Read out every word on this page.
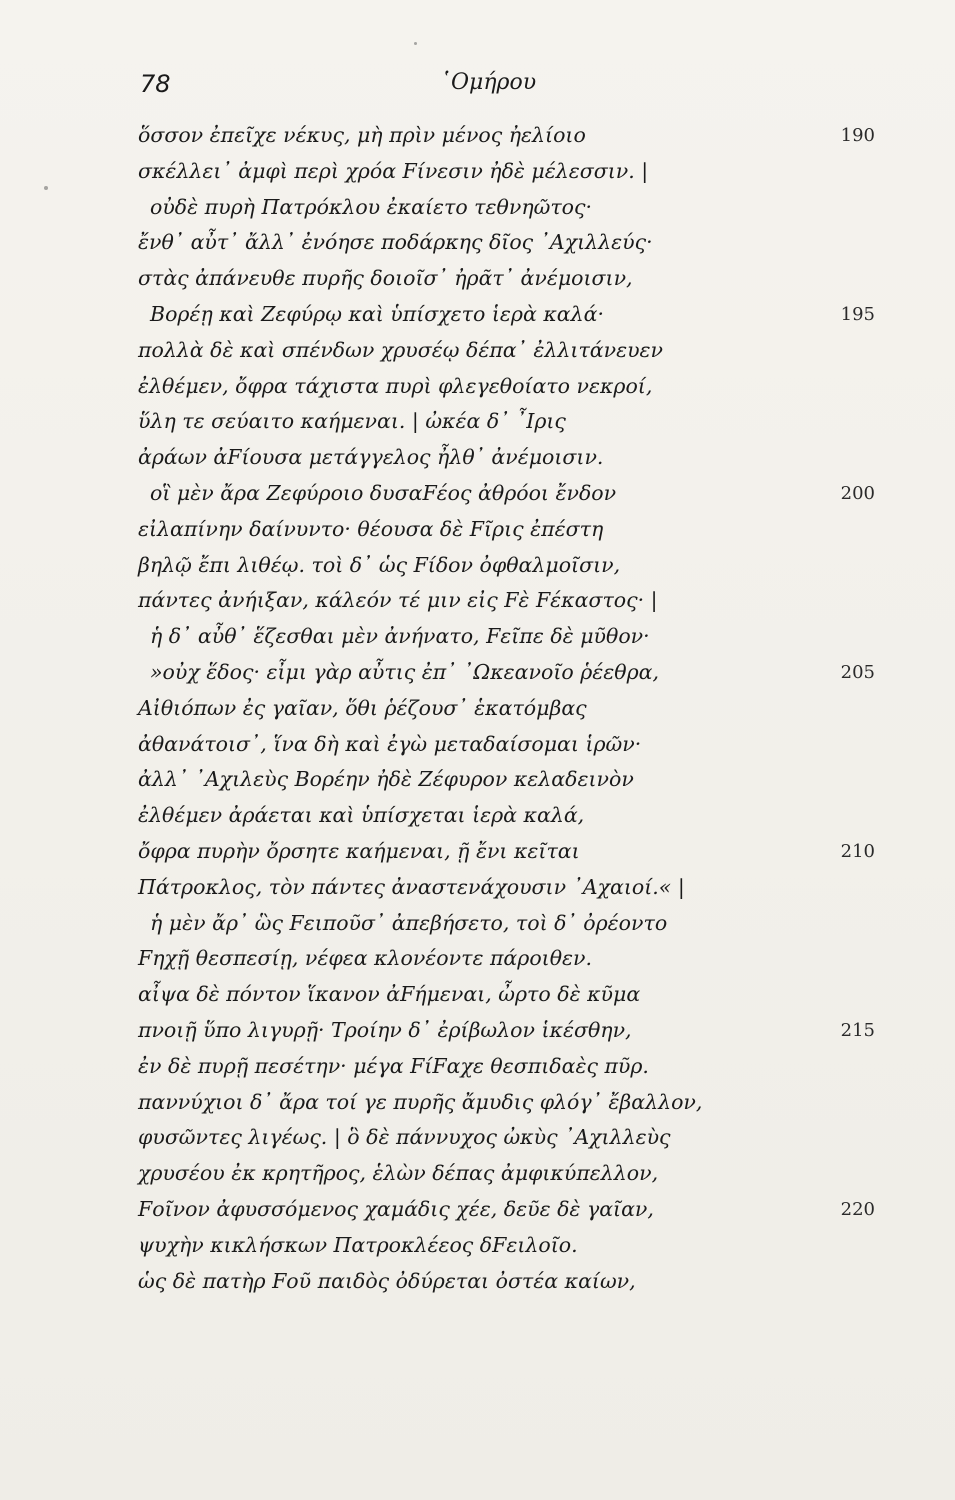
78	῾Ομήρου
ὅσσον ἐπεῖχε νέκυς, μὴ πρὶν μένος ἠελίοιο	190
σκέλλει᾽ ἀμφὶ περὶ χρόα Fίνεσιν ἠδὲ μέλεσσιν. |
οὐδὲ πυρὴ Πατρόκλου ἐκαίετο τεθνηῶτος·
ἔνθ᾽ αὖτ᾽ ἄλλ᾽ ἐνόησε ποδάρκης δῖος ᾽Αχιλλεύς·
στὰς ἀπάνευθε πυρῆς δοιοῖσ᾽ ἠρᾶτ᾽ ἀνέμοισιν,
Βορέῃ καὶ Ζεφύρῳ καὶ ὑπίσχετο ἱερὰ καλά·	195
πολλὰ δὲ καὶ σπένδων χρυσέῳ δέπα᾽ ἐλλιτάνευεν
ἐλθέμεν, ὄφρα τάχιστα πυρὶ φλεγεθοίατο νεκροί,
ὕλη τε σεύαιτο καήμεναι. | ὠκέα δ᾽ ῏Ιρις
ἀράων ἀFίουσα μετάγγελος ἦλθ᾽ ἀνέμοισιν.
οἳ μὲν ἄρα Ζεφύροιο δυσαFέος ἀθρόοι ἔνδον	200
εἰλαπίνην δαίνυντο· θέουσα δὲ Fῖρις ἐπέστη
βηλῷ ἔπι λιθέῳ. τοὶ δ᾽ ὡς Fίδον ὀφθαλμοῖσιν,
πάντες ἀνήιξαν, κάλεόν τέ μιν εἰς Fὲ Fέκαστος· |
ἡ δ᾽ αὖθ᾽ ἕζεσθαι μὲν ἀνήνατο, Fεῖπε δὲ μῦθον·
»οὐχ ἕδος· εἶμι γὰρ αὖτις ἐπ᾽ ᾽Ωκεανοῖο ῥέεθρα,	205
Αἰθιόπων ἐς γαῖαν, ὅθι ῥέζουσ᾽ ἑκατόμβας
ἀθανάτοισ᾽, ἵνα δὴ καὶ ἐγὼ μεταδαίσομαι ἱρῶν·
ἀλλ᾽ ᾽Αχιλεὺς Βορέην ἠδὲ Ζέφυρον κελαδεινὸν
ἐλθέμεν ἀράεται καὶ ὑπίσχεται ἱερὰ καλά,
ὄφρα πυρὴν ὄρσητε καήμεναι, ῇ ἔνι κεῖται	210
Πάτροκλος, τὸν πάντες ἀναστενάχουσιν ᾽Αχαιοί.« |
ἡ μὲν ἄρ᾽ ὣς Fειποῦσ᾽ ἀπεβήσετο, τοὶ δ᾽ ὀρέοντο
Fηχῇ θεσπεσίῃ, νέφεα κλονέοντε πάροιθεν.
αἶψα δὲ πόντον ἵκανον ἀFήμεναι, ὦρτο δὲ κῦμα
πνοιῇ ὕπο λιγυρῇ· Τροίην δ᾽ ἐρίβωλον ἱκέσθην,	215
ἐν δὲ πυρῇ πεσέτην· μέγα FίFαχε θεσπιδαὲς πῦρ.
παννύχιοι δ᾽ ἄρα τοί γε πυρῆς ἄμυδις φλόγ᾽ ἔβαλλον,
φυσῶντες λιγέως. | ὃ δὲ πάννυχος ὠκὺς ᾽Αχιλλεὺς
χρυσέου ἐκ κρητῆρος, ἑλὼν δέπας ἀμφικύπελλον,
Fοῖνον ἀφυσσόμενος χαμάδις χέε, δεῦε δὲ γαῖαν,	220
ψυχὴν κικλήσκων Πατροκλέεος δFειλοῖο.
ὡς δὲ πατὴρ Fοῦ παιδὸς ὀδύρεται ὀστέα καίων,
